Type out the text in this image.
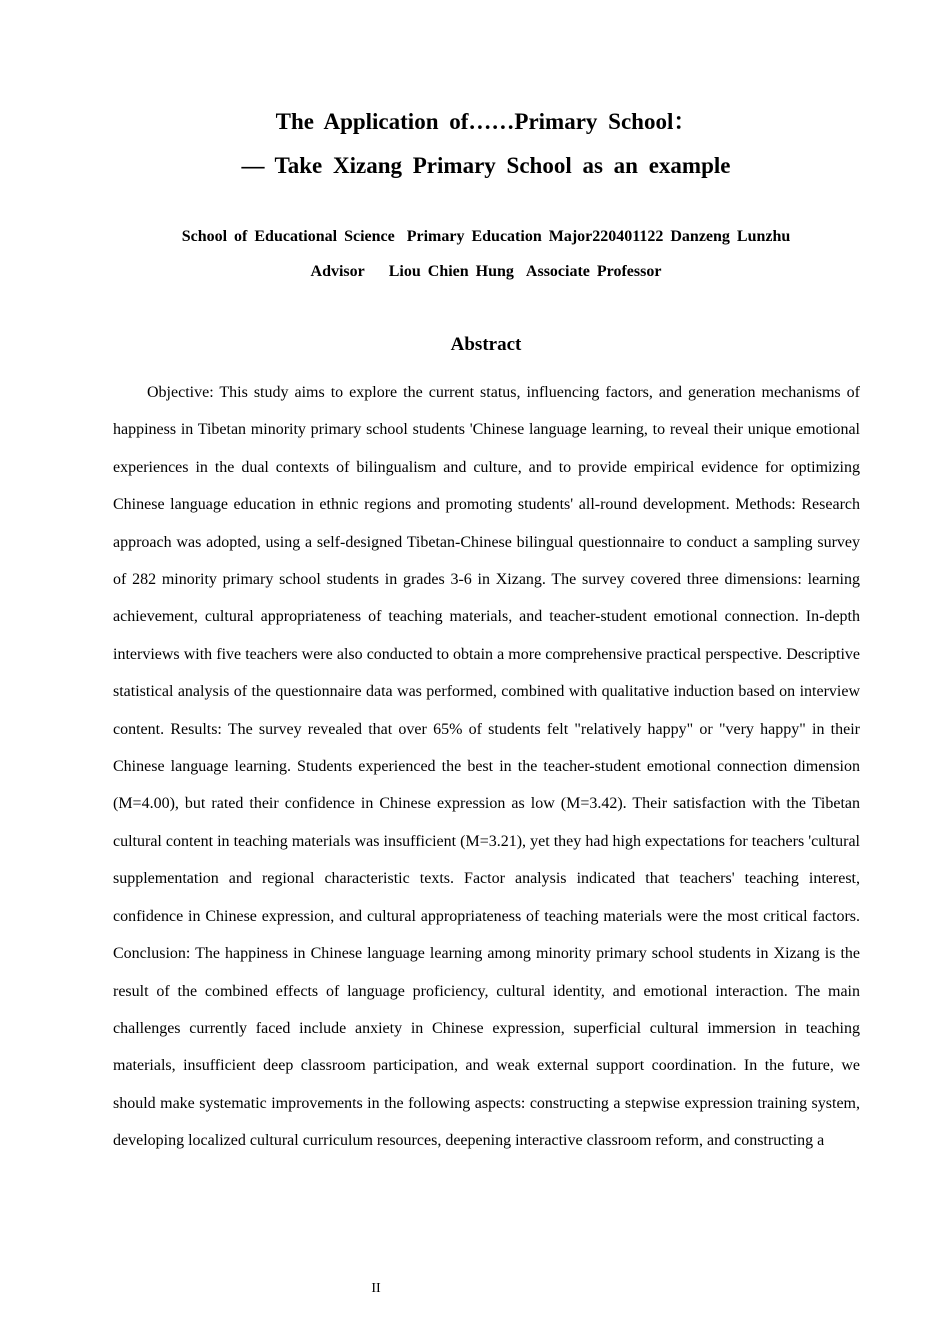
The Application of……Primary School：
— Take Xizang Primary School as an example
School of Educational Science Primary Education Major220401122 Danzeng Lunzhu
Advisor Liou Chien Hung Associate Professor
Abstract

Objective: This study aims to explore the current status, influencing factors, and generation mechanisms of happiness in Tibetan minority primary school students 'Chinese language learning, to reveal their unique emotional experiences in the dual contexts of bilingualism and culture, and to provide empirical evidence for optimizing Chinese language education in ethnic regions and promoting students' all-round development. Methods: Research approach was adopted, using a self-designed Tibetan-Chinese bilingual questionnaire to conduct a sampling survey of 282 minority primary school students in grades 3-6 in Xizang. The survey covered three dimensions: learning achievement, cultural appropriateness of teaching materials, and teacher-student emotional connection. In-depth interviews with five teachers were also conducted to obtain a more comprehensive practical perspective. Descriptive statistical analysis of the questionnaire data was performed, combined with qualitative induction based on interview content. Results: The survey revealed that over 65% of students felt "relatively happy" or "very happy" in their Chinese language learning. Students experienced the best in the teacher-student emotional connection dimension (M=4.00), but rated their confidence in Chinese expression as low (M=3.42). Their satisfaction with the Tibetan cultural content in teaching materials was insufficient (M=3.21), yet they had high expectations for teachers 'cultural supplementation and regional characteristic texts. Factor analysis indicated that teachers' teaching interest, confidence in Chinese expression, and cultural appropriateness of teaching materials were the most critical factors. Conclusion: The happiness in Chinese language learning among minority primary school students in Xizang is the result of the combined effects of language proficiency, cultural identity, and emotional interaction. The main challenges currently faced include anxiety in Chinese expression, superficial cultural immersion in teaching materials, insufficient deep classroom participation, and weak external support coordination. In the future, we should make systematic improvements in the following aspects: constructing a stepwise expression training system, developing localized cultural curriculum resources, deepening interactive classroom reform, and constructing a

II
